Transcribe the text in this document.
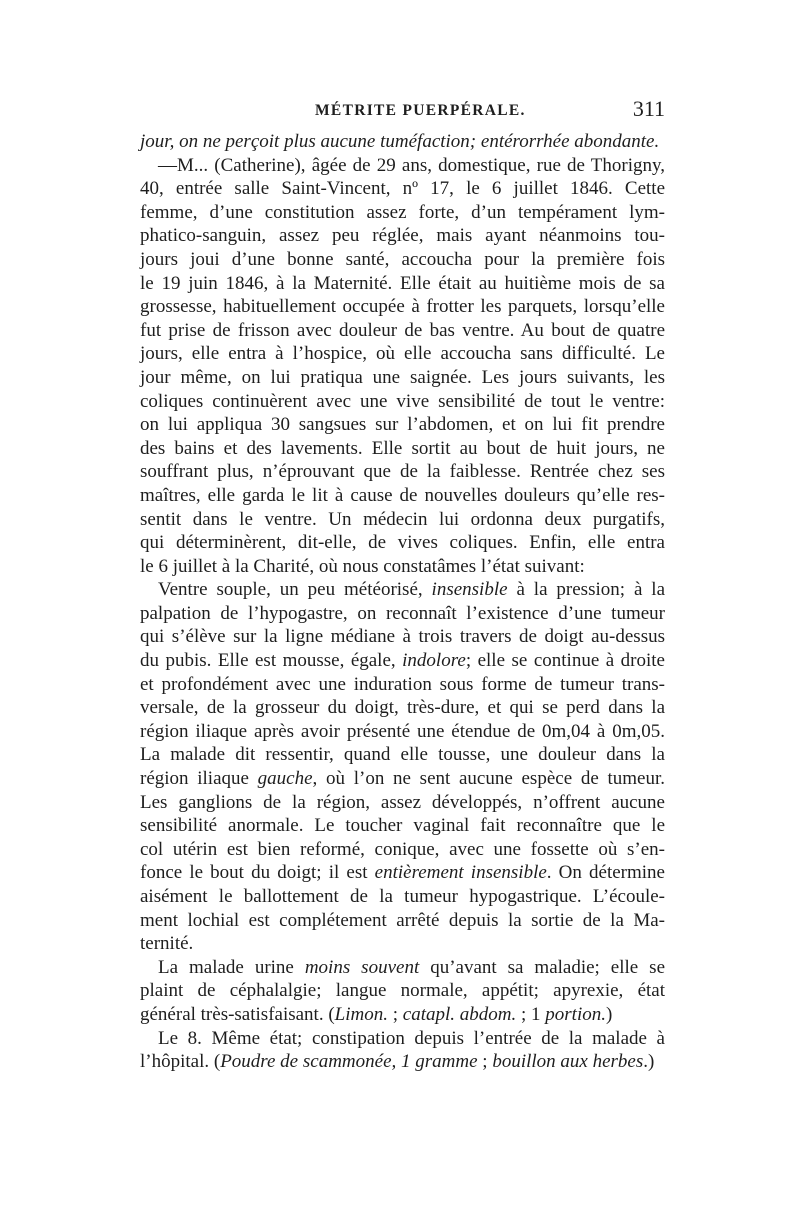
MÉTRITE PUERPÉRALE.	311
jour, on ne perçoit plus aucune tuméfaction; entérorrhée abondante.
—M... (Catherine), âgée de 29 ans, domestique, rue de Thorigny,
40, entrée salle Saint-Vincent, nº 17, le 6 juillet 1846. Cette
femme, d’une constitution assez forte, d’un tempérament lym-
phatico-sanguin, assez peu réglée, mais ayant néanmoins tou-
jours joui d’une bonne santé, accoucha pour la première fois
le 19 juin 1846, à la Maternité. Elle était au huitième mois de sa
grossesse, habituellement occupée à frotter les parquets, lorsqu’elle
fut prise de frisson avec douleur de bas ventre. Au bout de quatre
jours, elle entra à l’hospice, où elle accoucha sans difficulté. Le
jour même, on lui pratiqua une saignée. Les jours suivants, les
coliques continuèrent avec une vive sensibilité de tout le ventre:
on lui appliqua 30 sangsues sur l’abdomen, et on lui fit prendre
des bains et des lavements. Elle sortit au bout de huit jours, ne
souffrant plus, n’éprouvant que de la faiblesse. Rentrée chez ses
maîtres, elle garda le lit à cause de nouvelles douleurs qu’elle res-
sentit dans le ventre. Un médecin lui ordonna deux purgatifs,
qui déterminèrent, dit-elle, de vives coliques. Enfin, elle entra
le 6 juillet à la Charité, où nous constatâmes l’état suivant:
Ventre souple, un peu météorisé, insensible à la pression; à la
palpation de l’hypogastre, on reconnaît l’existence d’une tumeur
qui s’élève sur la ligne médiane à trois travers de doigt au-dessus
du pubis. Elle est mousse, égale, indolore; elle se continue à droite
et profondément avec une induration sous forme de tumeur trans-
versale, de la grosseur du doigt, très-dure, et qui se perd dans la
région iliaque après avoir présenté une étendue de 0m,04 à 0m,05.
La malade dit ressentir, quand elle tousse, une douleur dans la
région iliaque gauche, où l’on ne sent aucune espèce de tumeur.
Les ganglions de la région, assez développés, n’offrent aucune
sensibilité anormale. Le toucher vaginal fait reconnaître que le
col utérin est bien reformé, conique, avec une fossette où s’en-
fonce le bout du doigt; il est entièrement insensible. On détermine
aisément le ballottement de la tumeur hypogastrique. L’écoule-
ment lochial est complétement arrêté depuis la sortie de la Ma-
ternité.
La malade urine moins souvent qu’avant sa maladie; elle se
plaint de céphalalgie; langue normale, appétit; apyrexie, état
général très-satisfaisant. (Limon. ; catapl. abdom. ; 1 portion.)
Le 8. Même état; constipation depuis l’entrée de la malade à
l’hôpital. (Poudre de scammonée, 1 gramme ; bouillon aux herbes.)
